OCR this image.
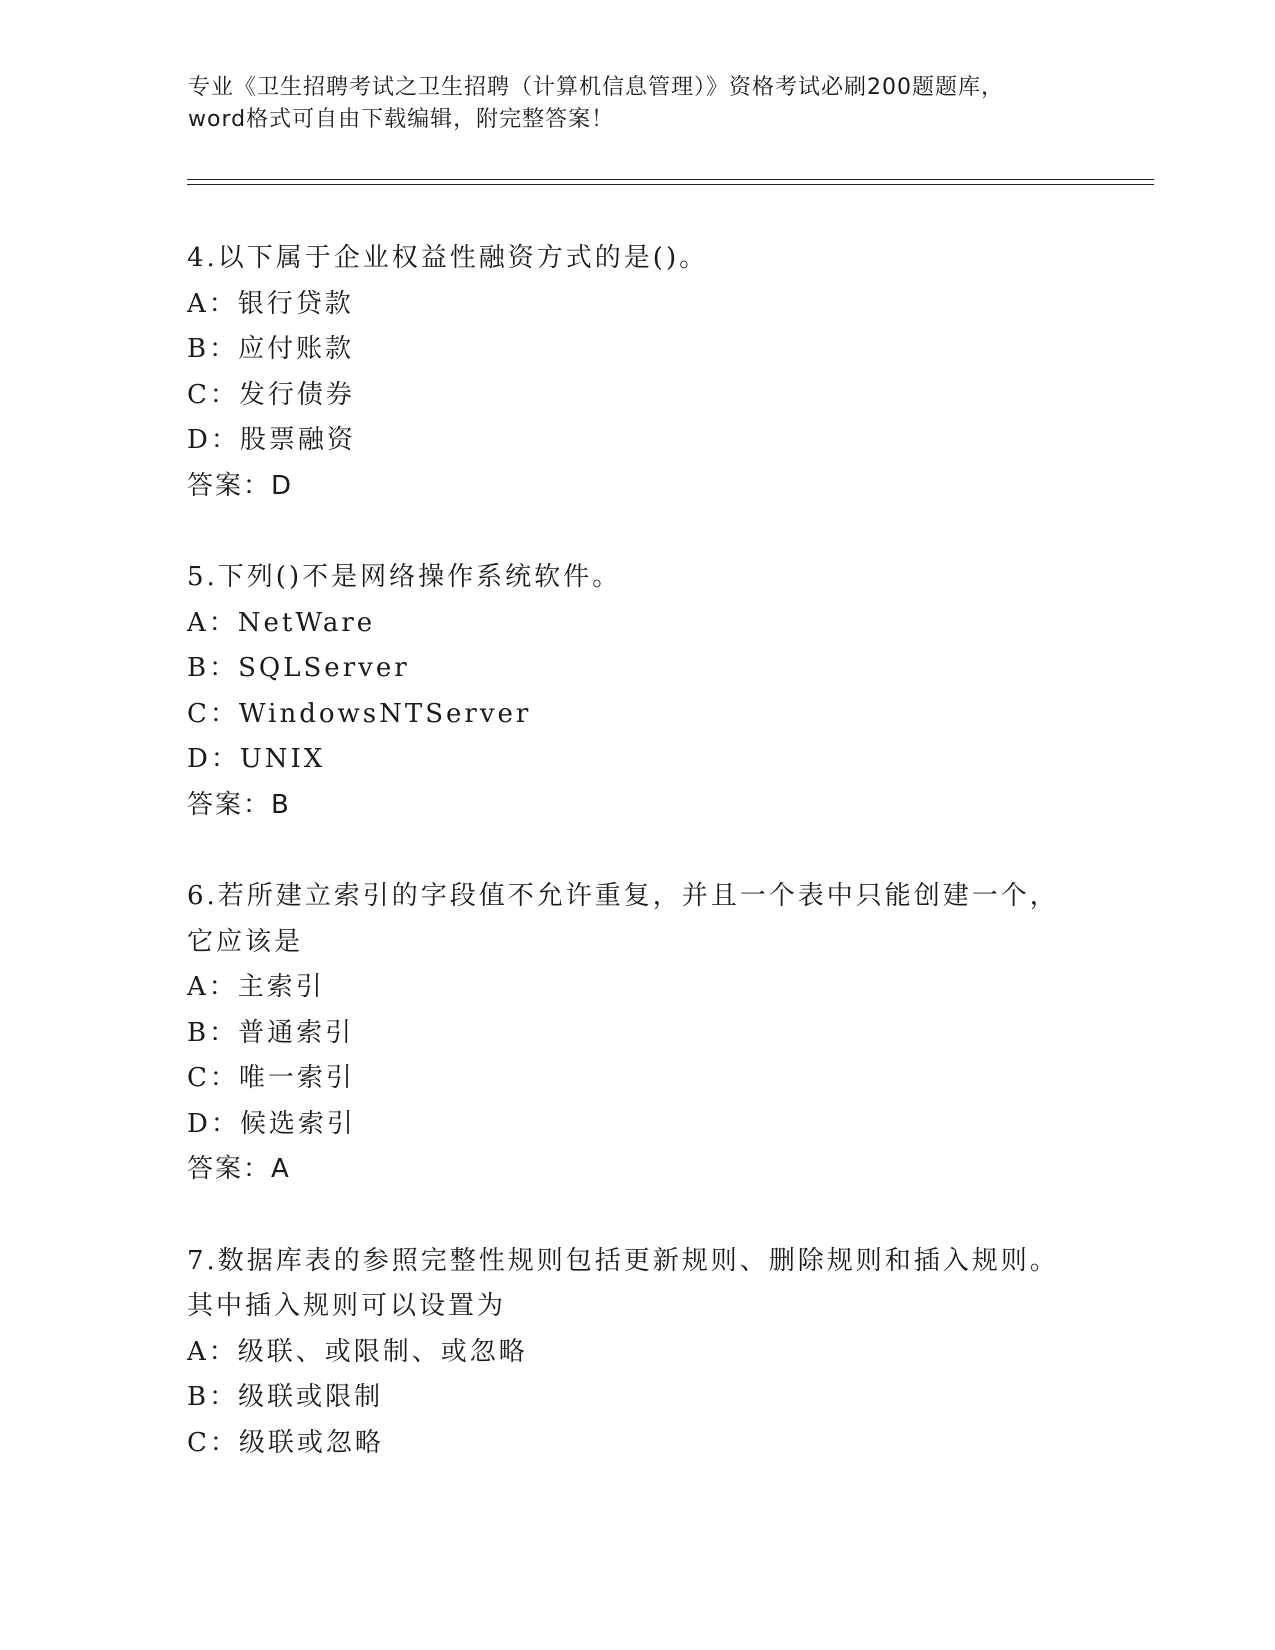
专业《卫生招聘考试之卫生招聘（计算机信息管理）》资格考试必刷200题题库，
word格式可自由下载编辑，附完整答案！
4.以下属于企业权益性融资方式的是()。
A：银行贷款
B：应付账款
C：发行债券
D：股票融资
答案：D
5.下列()不是网络操作系统软件。
A：NetWare
B：SQLServer
C：WindowsNTServer
D：UNIX
答案：B
6.若所建立索引的字段值不允许重复，并且一个表中只能创建一个，
它应该是
A：主索引
B：普通索引
C：唯一索引
D：候选索引
答案：A
7.数据库表的参照完整性规则包括更新规则、删除规则和插入规则。
其中插入规则可以设置为
A：级联、或限制、或忽略
B：级联或限制
C：级联或忽略
